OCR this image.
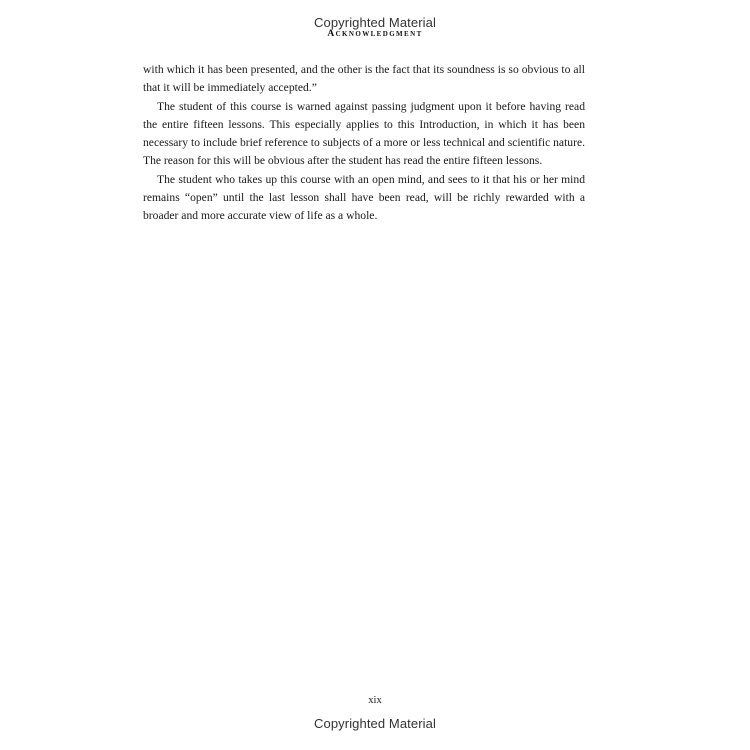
Copyrighted Material
Acknowledgment

with which it has been presented, and the other is the fact that its soundness is so obvious to all that it will be immediately accepted.”

The student of this course is warned against passing judgment upon it before having read the entire fifteen lessons. This especially applies to this Introduction, in which it has been necessary to include brief reference to subjects of a more or less technical and scientific nature. The reason for this will be obvious after the student has read the entire fifteen lessons.

The student who takes up this course with an open mind, and sees to it that his or her mind remains “open” until the last lesson shall have been read, will be richly rewarded with a broader and more accurate view of life as a whole.

xix
Copyrighted Material
